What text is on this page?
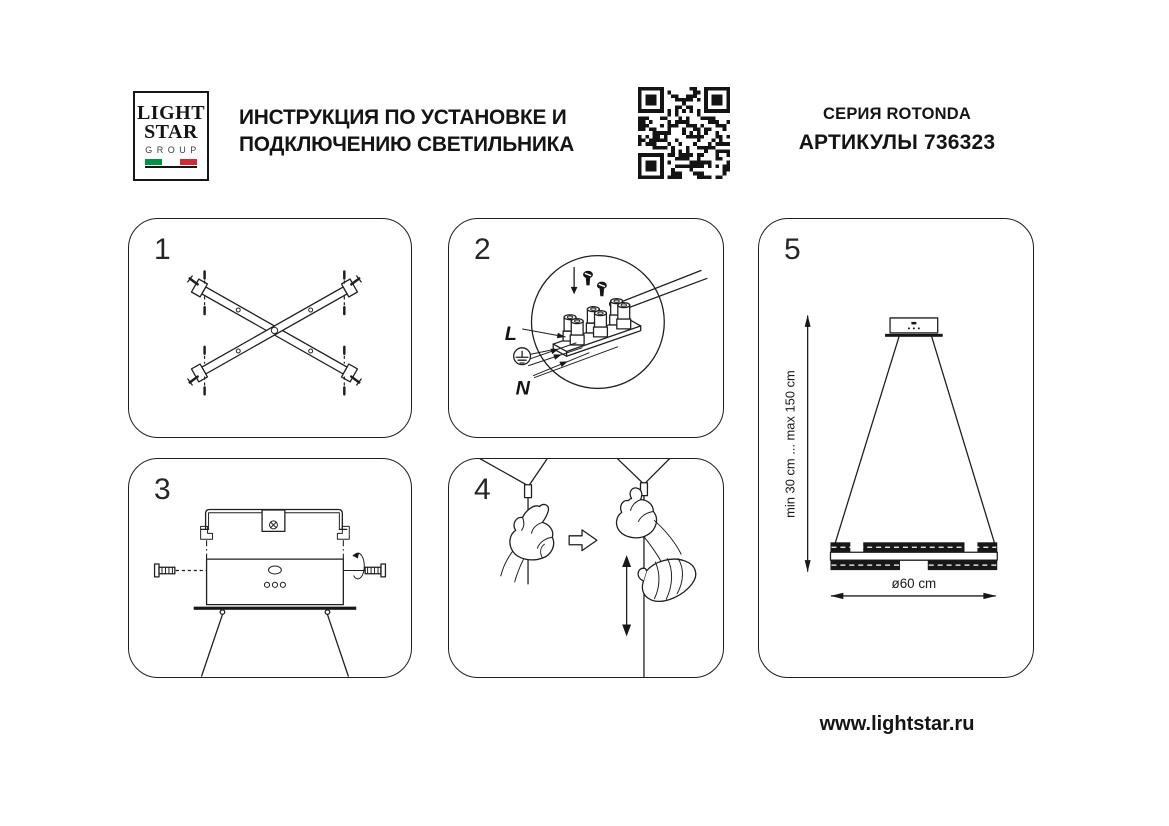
LIGHT
STAR
GROUP
ИНСТРУКЦИЯ ПО УСТАНОВКЕ И
ПОДКЛЮЧЕНИЮ СВЕТИЛЬНИКА
СЕРИЯ ROTONDA
АРТИКУЛЫ 736323
1	2
L
N
3	4
5
min 30 cm ... max 150 cm
ø60 cm
www.lightstar.ru
